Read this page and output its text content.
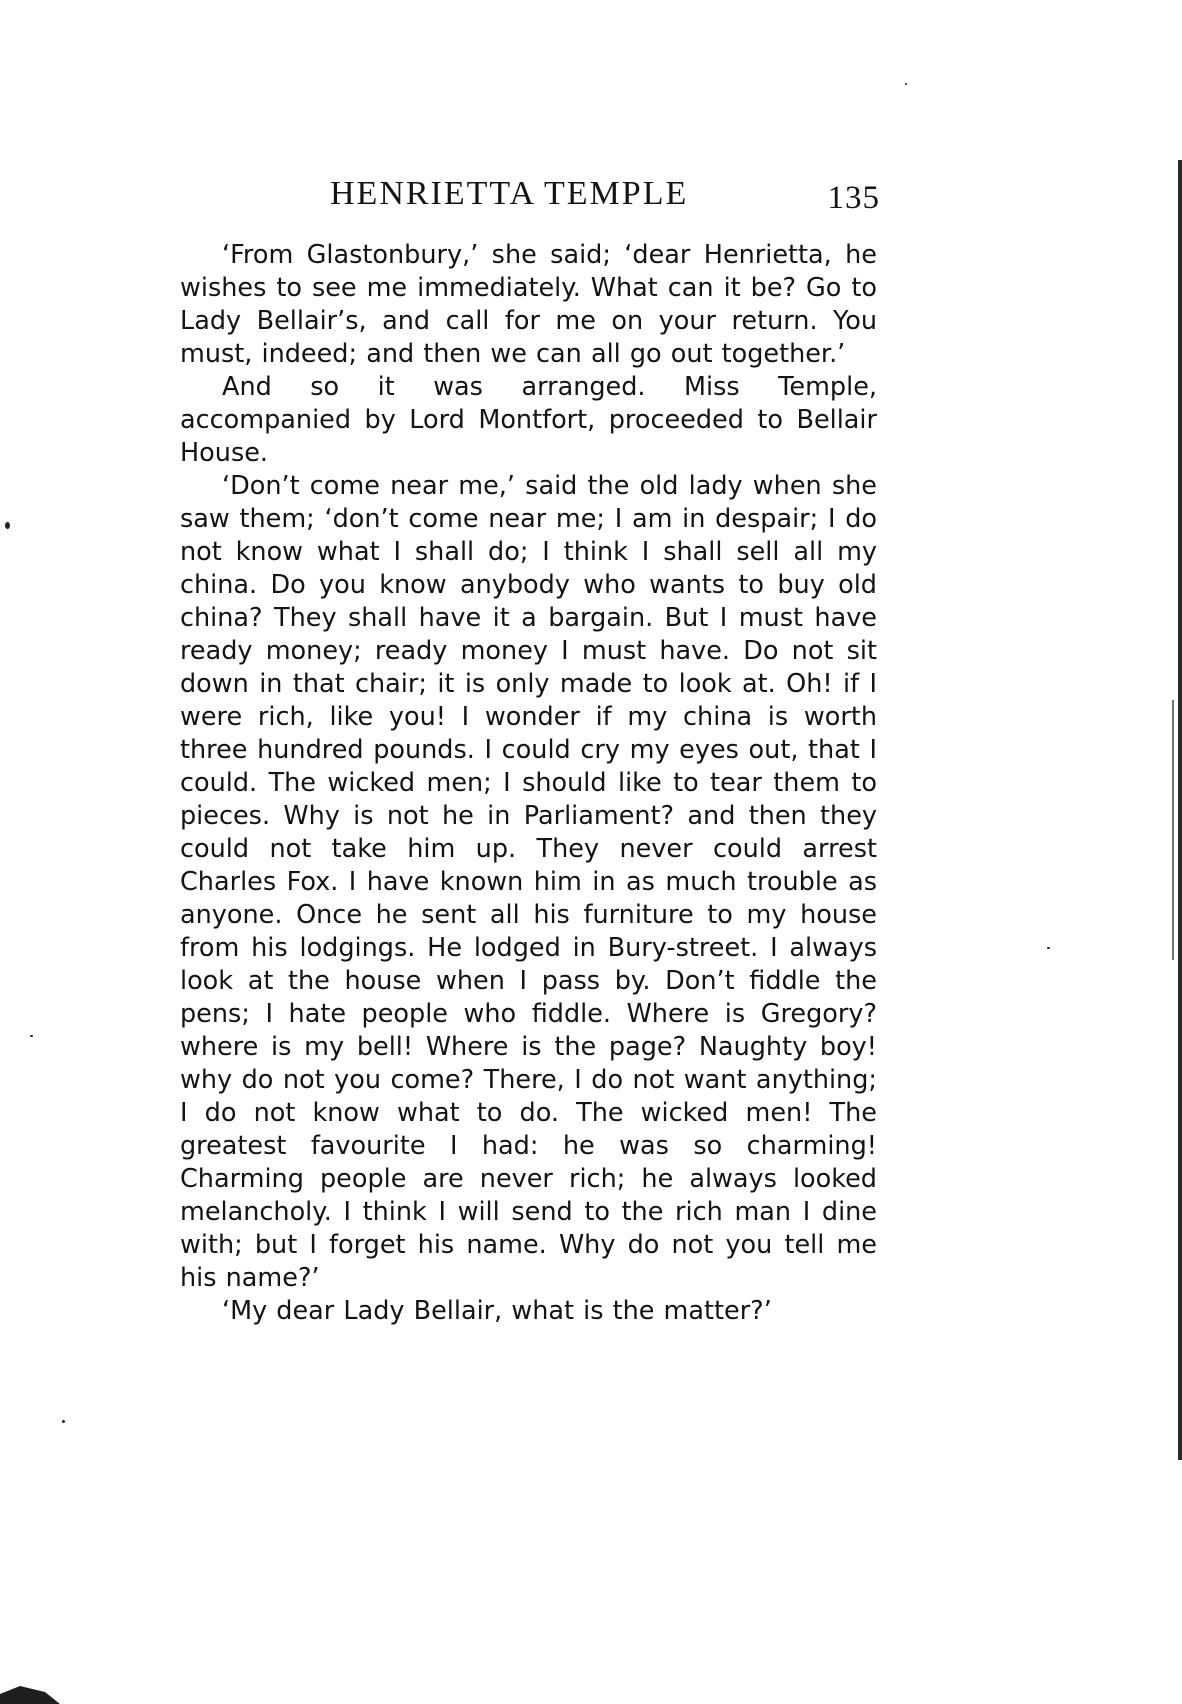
HENRIETTA TEMPLE	135

‘From Glastonbury,’ she said; ‘dear Henrietta, he wishes to see me immediately. What can it be? Go to Lady Bellair’s, and call for me on your return. You must, indeed; and then we can all go out together.’

And so it was arranged. Miss Temple, accompanied by Lord Montfort, proceeded to Bellair House.

‘Don’t come near me,’ said the old lady when she saw them; ‘don’t come near me; I am in despair; I do not know what I shall do; I think I shall sell all my china. Do you know anybody who wants to buy old china? They shall have it a bargain. But I must have ready money; ready money I must have. Do not sit down in that chair; it is only made to look at. Oh! if I were rich, like you! I wonder if my china is worth three hundred pounds. I could cry my eyes out, that I could. The wicked men; I should like to tear them to pieces. Why is not he in Parliament? and then they could not take him up. They never could arrest Charles Fox. I have known him in as much trouble as anyone. Once he sent all his furniture to my house from his lodgings. He lodged in Bury-street. I always look at the house when I pass by. Don’t fiddle the pens; I hate people who fiddle. Where is Gregory? where is my bell! Where is the page? Naughty boy! why do not you come? There, I do not want anything; I do not know what to do. The wicked men! The greatest favourite I had: he was so charming! Charming people are never rich; he always looked melancholy. I think I will send to the rich man I dine with; but I forget his name. Why do not you tell me his name?’

‘My dear Lady Bellair, what is the matter?’
